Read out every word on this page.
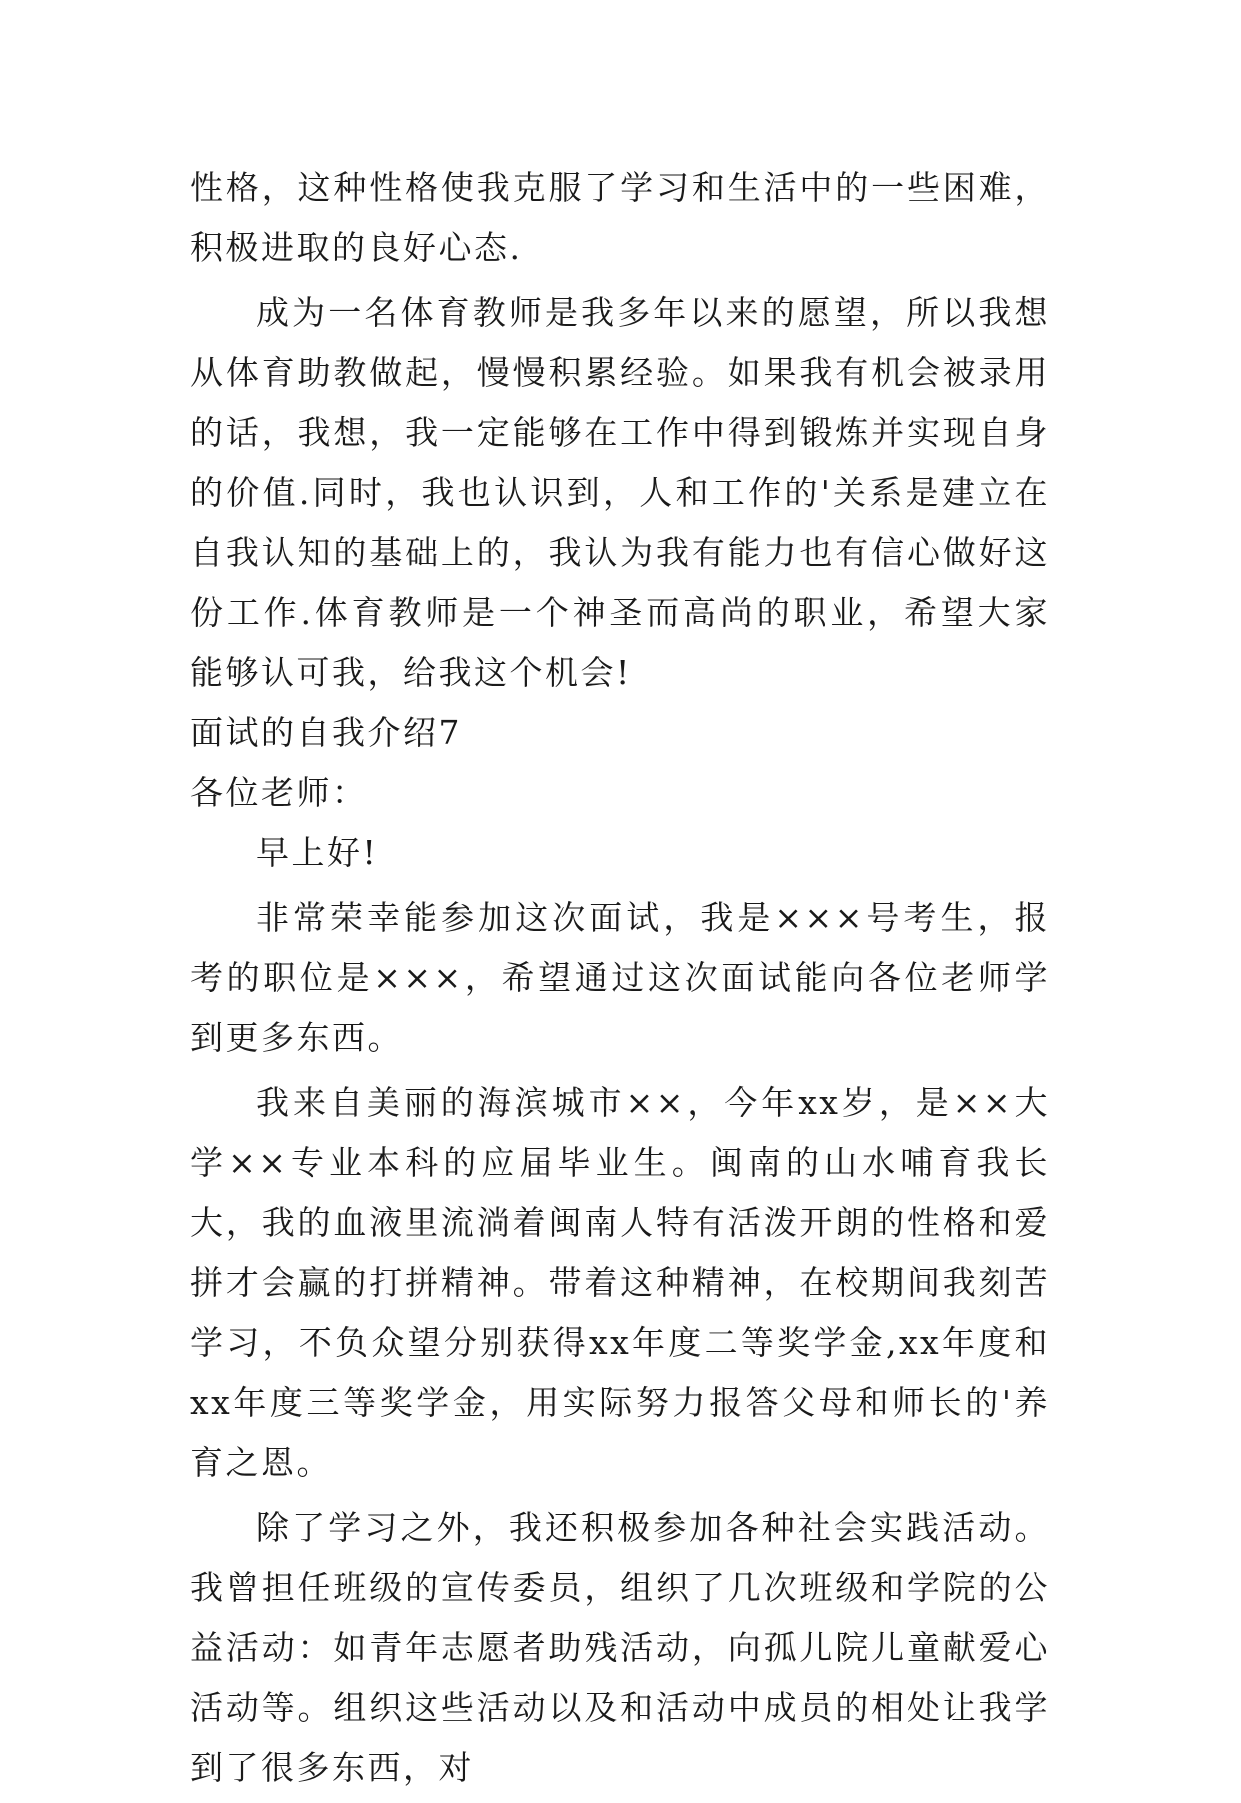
性格，这种性格使我克服了学习和生活中的一些困难，积极进取的良好心态.

成为一名体育教师是我多年以来的愿望，所以我想从体育助教做起，慢慢积累经验。如果我有机会被录用的话，我想，我一定能够在工作中得到锻炼并实现自身的价值.同时，我也认识到，人和工作的'关系是建立在自我认知的基础上的，我认为我有能力也有信心做好这份工作.体育教师是一个神圣而高尚的职业，希望大家能够认可我，给我这个机会!

面试的自我介绍7

各位老师：

早上好!

非常荣幸能参加这次面试，我是×××号考生，报考的职位是×××，希望通过这次面试能向各位老师学到更多东西。

我来自美丽的海滨城市××，今年xx岁，是××大学××专业本科的应届毕业生。闽南的山水哺育我长大，我的血液里流淌着闽南人特有活泼开朗的性格和爱拼才会赢的打拼精神。带着这种精神，在校期间我刻苦学习，不负众望分别获得xx年度二等奖学金,xx年度和xx年度三等奖学金，用实际努力报答父母和师长的'养育之恩。

除了学习之外，我还积极参加各种社会实践活动。我曾担任班级的宣传委员，组织了几次班级和学院的公益活动：如青年志愿者助残活动，向孤儿院儿童献爱心活动等。组织这些活动以及和活动中成员的相处让我学到了很多东西，对
